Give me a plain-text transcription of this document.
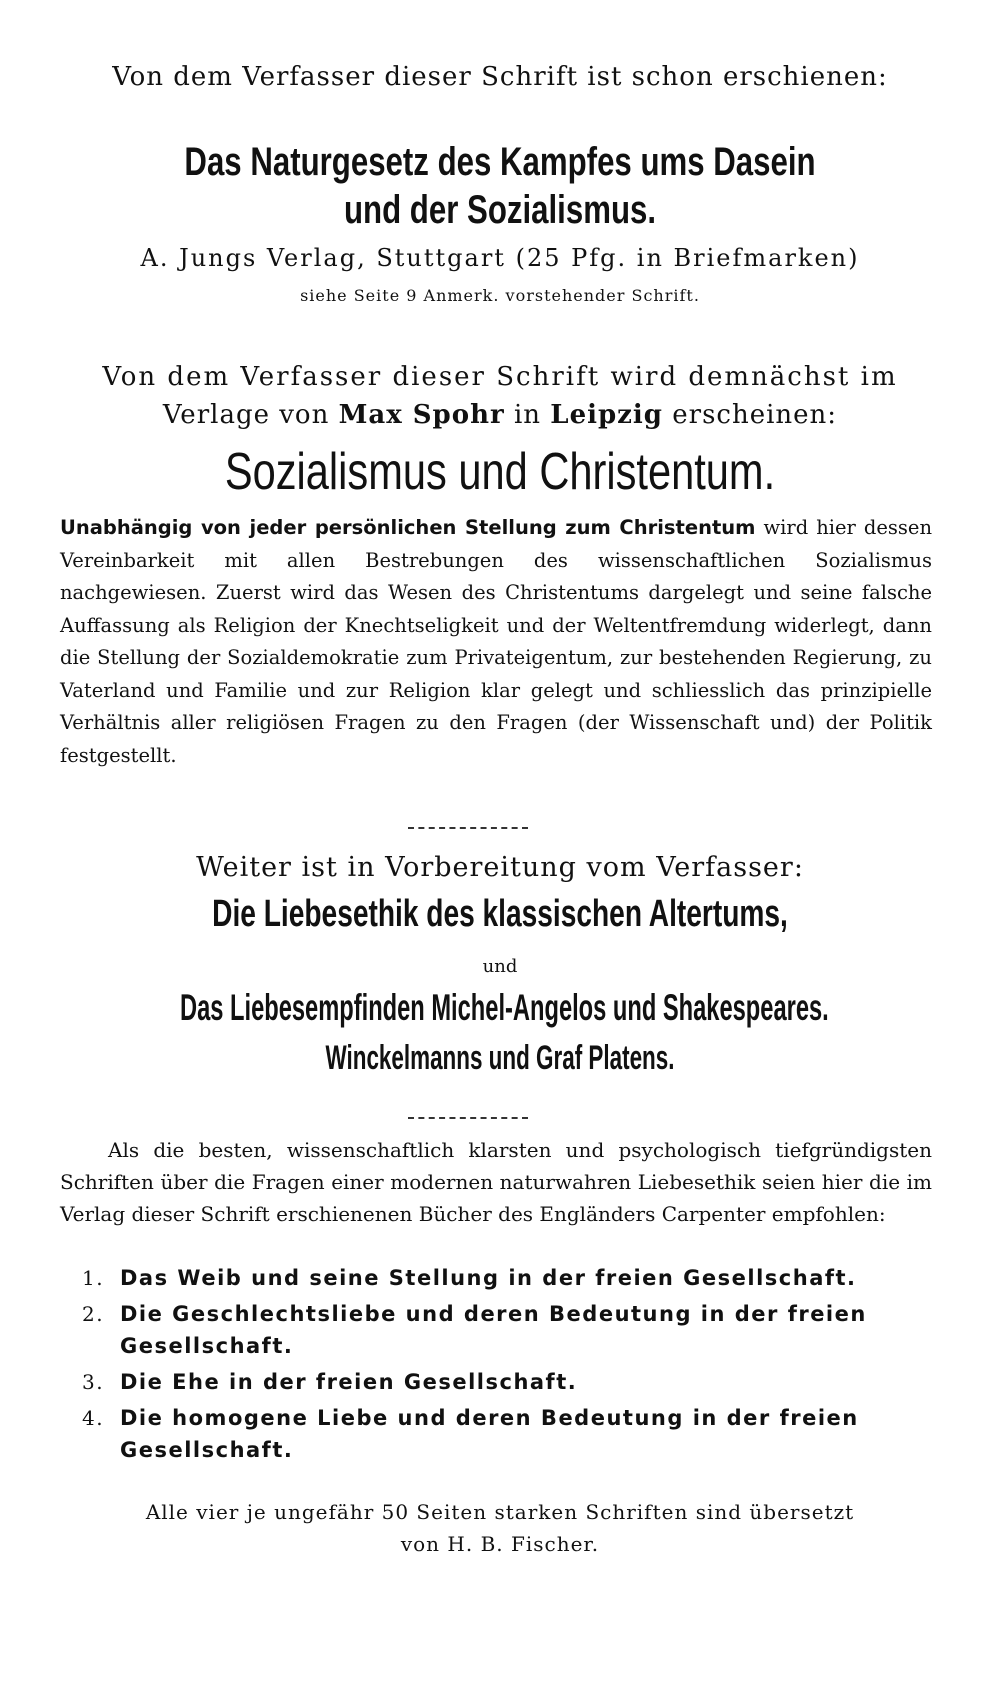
Von dem Verfasser dieser Schrift ist schon erschienen:
Das Naturgesetz des Kampfes ums Dasein
und der Sozialismus.
A. Jungs Verlag, Stuttgart (25 Pfg. in Briefmarken)
siehe Seite 9 Anmerk. vorstehender Schrift.
Von dem Verfasser dieser Schrift wird demnächst im
Verlage von Max Spohr in Leipzig erscheinen:
Sozialismus und Christentum.
Unabhängig von jeder persönlichen Stellung zum Christentum wird hier dessen Vereinbarkeit mit allen Bestrebungen des wissenschaftlichen Sozialismus nachgewiesen. Zuerst wird das Wesen des Christentums dargelegt und seine falsche Auffassung als Religion der Knechtseligkeit und der Weltentfremdung widerlegt, dann die Stellung der Sozialdemokratie zum Privateigentum, zur bestehenden Regierung, zu Vaterland und Familie und zur Religion klar gelegt und schliesslich das prinzipielle Verhältnis aller religiösen Fragen zu den Fragen (der Wissenschaft und) der Politik festgestellt.
Weiter ist in Vorbereitung vom Verfasser:
Die Liebesethik des klassischen Altertums,
und
Das Liebesempfinden Michel-Angelos und Shakespeares.
Winckelmanns und Graf Platens.
Als die besten, wissenschaftlich klarsten und psychologisch tiefgründigsten Schriften über die Fragen einer modernen naturwahren Liebesethik seien hier die im Verlag dieser Schrift erschienenen Bücher des Engländers Carpenter empfohlen:
1. Das Weib und seine Stellung in der freien Gesellschaft.
2. Die Geschlechtsliebe und deren Bedeutung in der freien Gesellschaft.
3. Die Ehe in der freien Gesellschaft.
4. Die homogene Liebe und deren Bedeutung in der freien Gesellschaft.
Alle vier je ungefähr 50 Seiten starken Schriften sind übersetzt
von H. B. Fischer.
